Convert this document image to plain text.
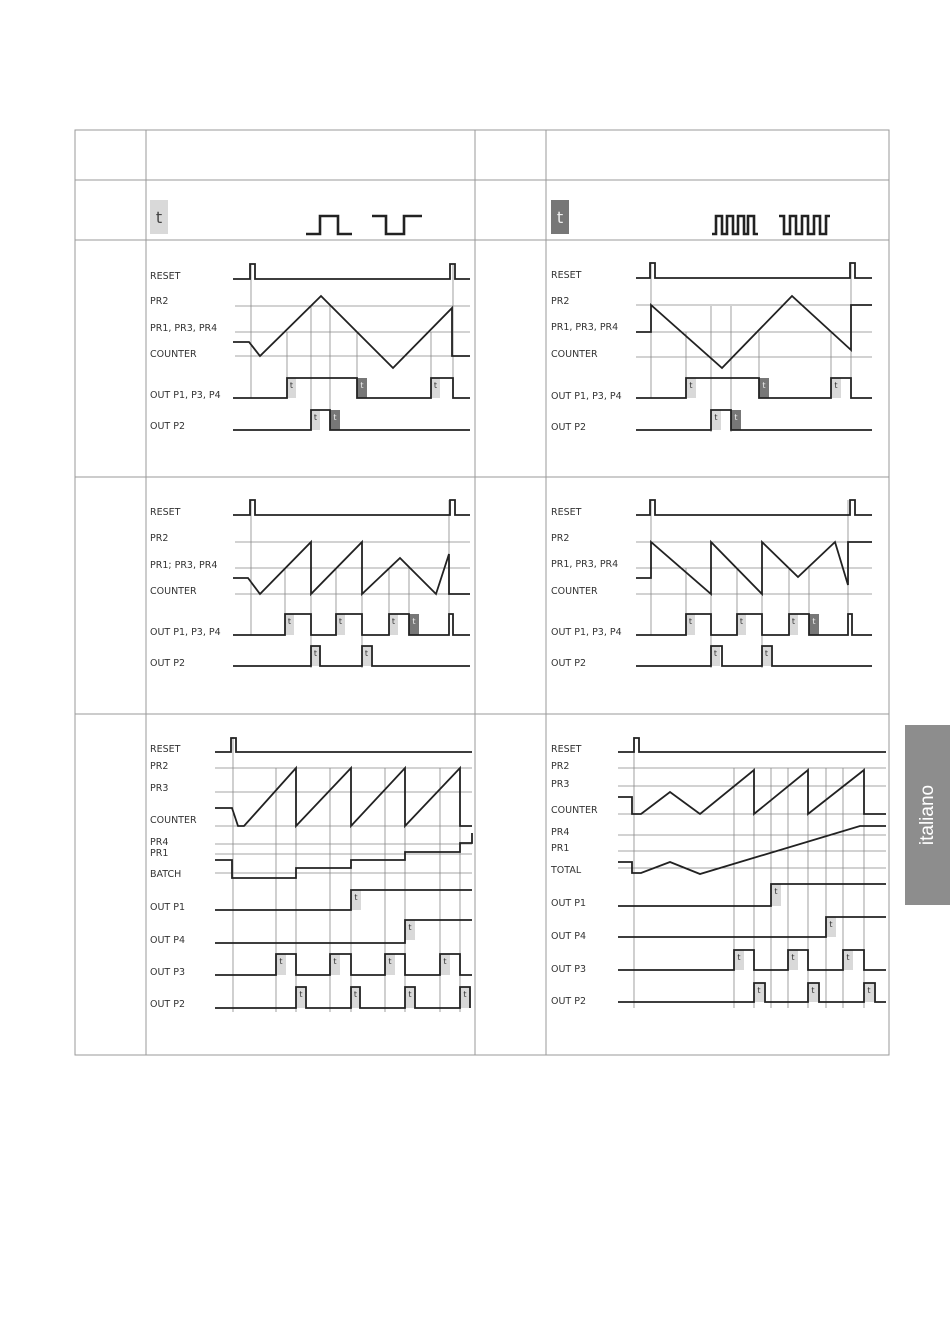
t	t
RESET
PR2
PR1, PR3, PR4
COUNTER
OUT P1, P3, P4
OUT P2
t	t	t
t t
RESET
PR2
PR1, PR3, PR4
COUNTER
OUT P1, P3, P4
OUT P2
t	t	t
t t
RESET
PR2
PR1; PR3, PR4
COUNTER
OUT P1, P3, P4
OUT P2
t	t	t t
t	t
RESET
PR2
PR1, PR3, PR4
COUNTER
OUT P1, P3, P4
OUT P2
t	t	t t
t	t
RESET
PR2
PR3
COUNTER
PR4
PR1
BATCH
OUT P1
OUT P4
OUT P3
OUT P2
t
t
t	t	t	t
t	t	t	t
RESET
PR2
PR3
COUNTER
PR4
PR1
TOTAL
OUT P1
OUT P4
OUT P3
OUT P2
t
t
t	t	t
t	t	t
italiano
